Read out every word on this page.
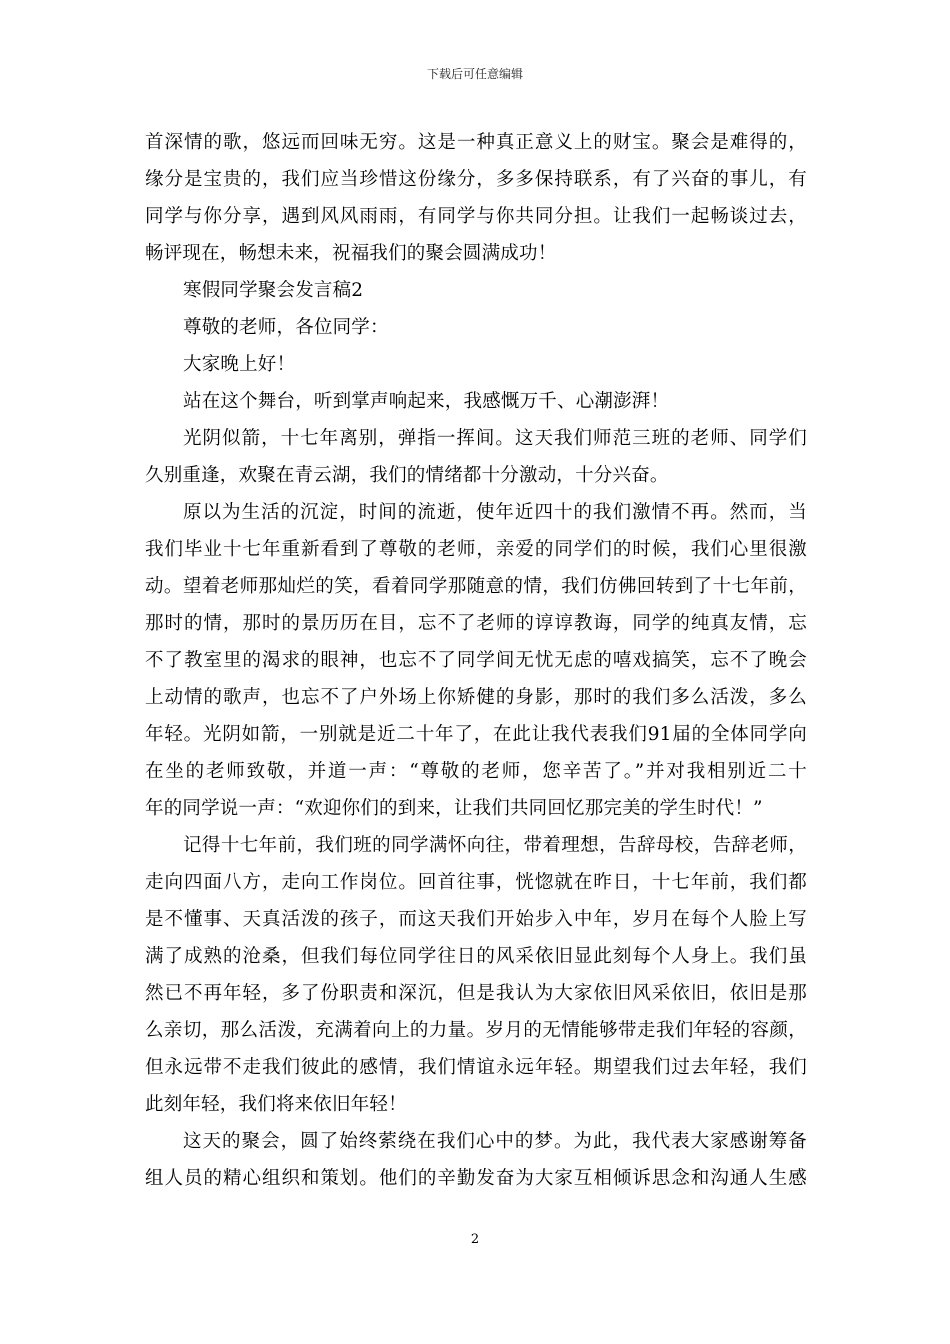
下载后可任意编辑
首深情的歌，悠远而回味无穷。这是一种真正意义上的财宝。聚会是难得的，
缘分是宝贵的，我们应当珍惜这份缘分，多多保持联系，有了兴奋的事儿，有
同学与你分享，遇到风风雨雨，有同学与你共同分担。让我们一起畅谈过去，
畅评现在，畅想未来，祝福我们的聚会圆满成功！
寒假同学聚会发言稿2
尊敬的老师，各位同学：
大家晚上好！
站在这个舞台，听到掌声响起来，我感慨万千、心潮澎湃！
光阴似箭，十七年离别，弹指一挥间。这天我们师范三班的老师、同学们
久别重逢，欢聚在青云湖，我们的情绪都十分激动，十分兴奋。
原以为生活的沉淀，时间的流逝，使年近四十的我们激情不再。然而，当
我们毕业十七年重新看到了尊敬的老师，亲爱的同学们的时候，我们心里很激
动。望着老师那灿烂的笑，看着同学那随意的情，我们仿佛回转到了十七年前，
那时的情，那时的景历历在目，忘不了老师的谆谆教诲，同学的纯真友情，忘
不了教室里的渴求的眼神，也忘不了同学间无忧无虑的嘻戏搞笑，忘不了晚会
上动情的歌声，也忘不了户外场上你矫健的身影，那时的我们多么活泼，多么
年轻。光阴如箭，一别就是近二十年了，在此让我代表我们91届的全体同学向
在坐的老师致敬，并道一声：“尊敬的老师，您辛苦了。”并对我相别近二十
年的同学说一声：“欢迎你们的到来，让我们共同回忆那完美的学生时代！”
记得十七年前，我们班的同学满怀向往，带着理想，告辞母校，告辞老师，
走向四面八方，走向工作岗位。回首往事，恍惚就在昨日，十七年前，我们都
是不懂事、天真活泼的孩子，而这天我们开始步入中年，岁月在每个人脸上写
满了成熟的沧桑，但我们每位同学往日的风采依旧显此刻每个人身上。我们虽
然已不再年轻，多了份职责和深沉，但是我认为大家依旧风采依旧，依旧是那
么亲切，那么活泼，充满着向上的力量。岁月的无情能够带走我们年轻的容颜，
但永远带不走我们彼此的感情，我们情谊永远年轻。期望我们过去年轻，我们
此刻年轻，我们将来依旧年轻！
这天的聚会，圆了始终萦绕在我们心中的梦。为此，我代表大家感谢筹备
组人员的精心组织和策划。他们的辛勤发奋为大家互相倾诉思念和沟通人生感
2
